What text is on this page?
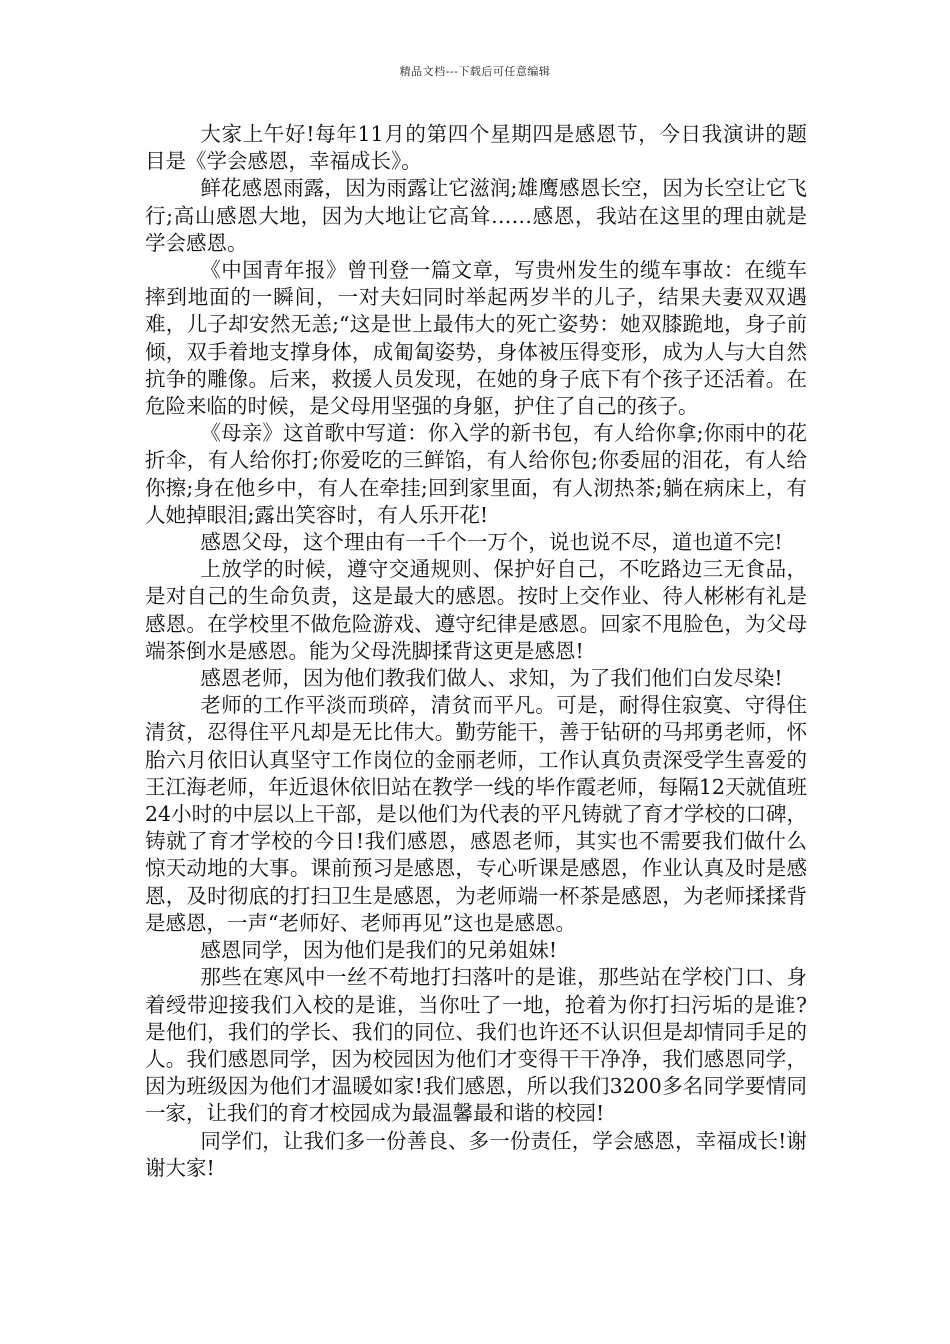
精品文档---下载后可任意编辑

大家上午好!每年11月的第四个星期四是感恩节，今日我演讲的题目是《学会感恩，幸福成长》。

鲜花感恩雨露，因为雨露让它滋润;雄鹰感恩长空，因为长空让它飞行;高山感恩大地，因为大地让它高耸……感恩，我站在这里的理由就是学会感恩。

《中国青年报》曾刊登一篇文章，写贵州发生的缆车事故：在缆车摔到地面的一瞬间，一对夫妇同时举起两岁半的儿子，结果夫妻双双遇难，儿子却安然无恙;“这是世上最伟大的死亡姿势：她双膝跪地，身子前倾，双手着地支撑身体，成匍匐姿势，身体被压得变形，成为人与大自然抗争的雕像。后来，救援人员发现，在她的身子底下有个孩子还活着。在危险来临的时候，是父母用坚强的身躯，护住了自己的孩子。

《母亲》这首歌中写道：你入学的新书包，有人给你拿;你雨中的花折伞，有人给你打;你爱吃的三鲜馅，有人给你包;你委屈的泪花，有人给你擦;身在他乡中，有人在牵挂;回到家里面，有人沏热茶;躺在病床上，有人她掉眼泪;露出笑容时，有人乐开花!

感恩父母，这个理由有一千个一万个，说也说不尽，道也道不完!

上放学的时候，遵守交通规则、保护好自己，不吃路边三无食品，是对自己的生命负责，这是最大的感恩。按时上交作业、待人彬彬有礼是感恩。在学校里不做危险游戏、遵守纪律是感恩。回家不甩脸色，为父母端茶倒水是感恩。能为父母洗脚揉背这更是感恩!

感恩老师，因为他们教我们做人、求知，为了我们他们白发尽染!

老师的工作平淡而琐碎，清贫而平凡。可是，耐得住寂寞、守得住清贫，忍得住平凡却是无比伟大。勤劳能干，善于钻研的马邦勇老师，怀胎六月依旧认真坚守工作岗位的金丽老师，工作认真负责深受学生喜爱的王江海老师，年近退休依旧站在教学一线的毕作霞老师，每隔12天就值班24小时的中层以上干部，是以他们为代表的平凡铸就了育才学校的口碑，铸就了育才学校的今日!我们感恩，感恩老师，其实也不需要我们做什么惊天动地的大事。课前预习是感恩，专心听课是感恩，作业认真及时是感恩，及时彻底的打扫卫生是感恩，为老师端一杯茶是感恩，为老师揉揉背是感恩，一声“老师好、老师再见”这也是感恩。

感恩同学，因为他们是我们的兄弟姐妹!

那些在寒风中一丝不苟地打扫落叶的是谁，那些站在学校门口、身着绶带迎接我们入校的是谁，当你吐了一地，抢着为你打扫污垢的是谁?是他们，我们的学长、我们的同位、我们也许还不认识但是却情同手足的人。我们感恩同学，因为校园因为他们才变得干干净净，我们感恩同学，因为班级因为他们才温暖如家!我们感恩，所以我们3200多名同学要情同一家，让我们的育才校园成为最温馨最和谐的校园!

同学们，让我们多一份善良、多一份责任，学会感恩，幸福成长!谢谢大家!
